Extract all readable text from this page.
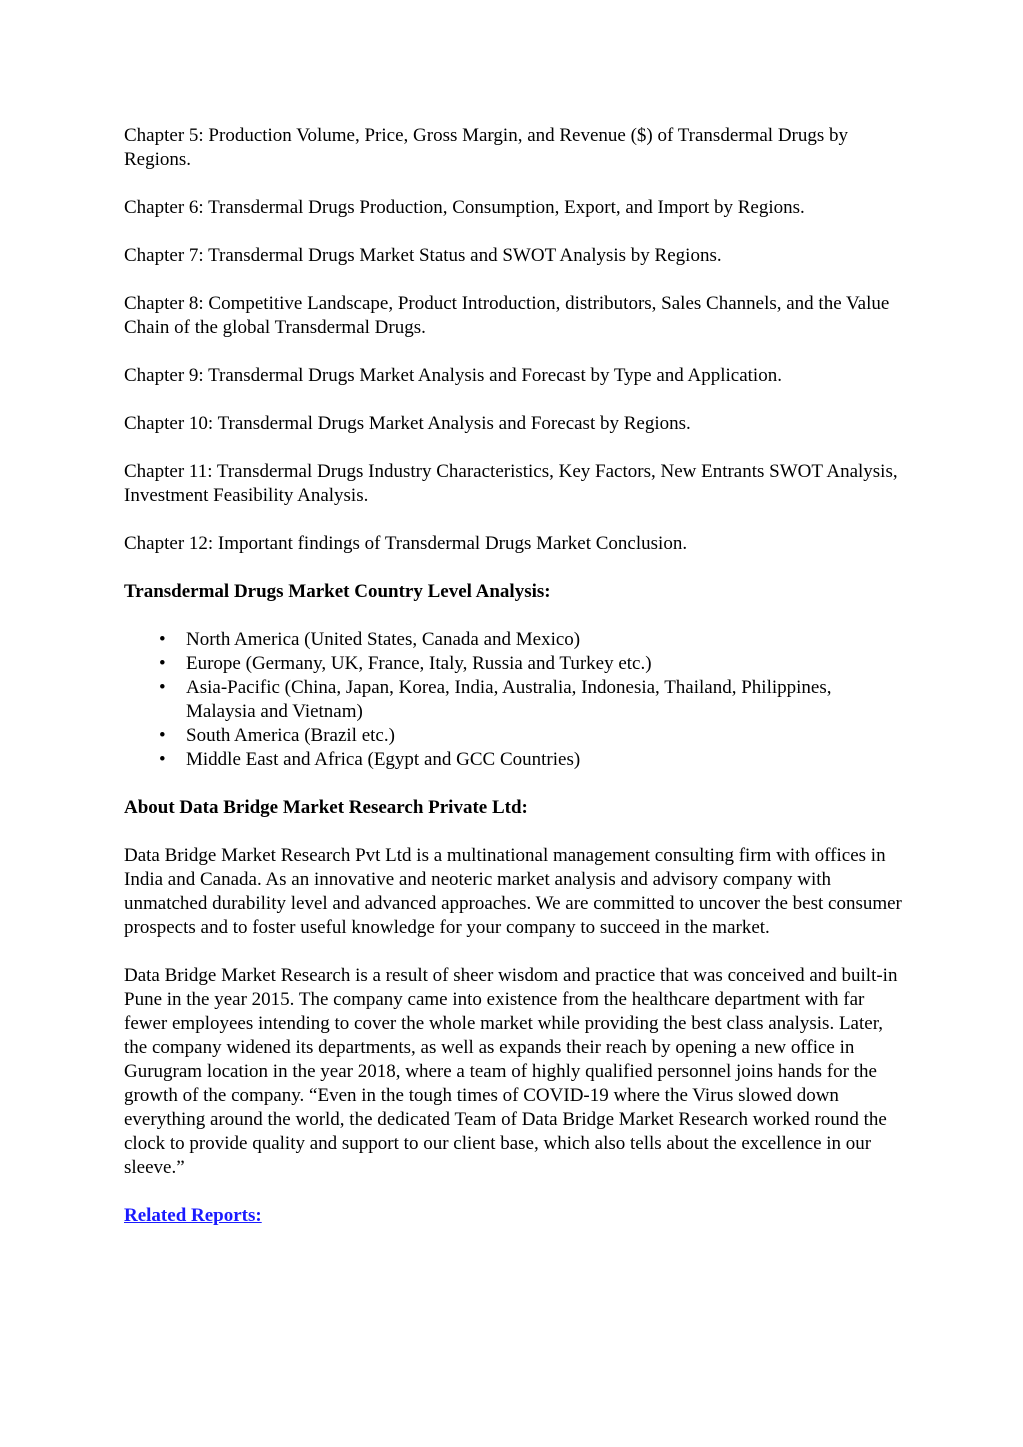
Chapter 5: Production Volume, Price, Gross Margin, and Revenue ($) of Transdermal Drugs by Regions.

Chapter 6: Transdermal Drugs Production, Consumption, Export, and Import by Regions.

Chapter 7: Transdermal Drugs Market Status and SWOT Analysis by Regions.

Chapter 8: Competitive Landscape, Product Introduction, distributors, Sales Channels, and the Value Chain of the global Transdermal Drugs.

Chapter 9: Transdermal Drugs Market Analysis and Forecast by Type and Application.

Chapter 10: Transdermal Drugs Market Analysis and Forecast by Regions.

Chapter 11: Transdermal Drugs Industry Characteristics, Key Factors, New Entrants SWOT Analysis, Investment Feasibility Analysis.

Chapter 12: Important findings of Transdermal Drugs Market Conclusion.

Transdermal Drugs Market Country Level Analysis:

• North America (United States, Canada and Mexico)
• Europe (Germany, UK, France, Italy, Russia and Turkey etc.)
• Asia-Pacific (China, Japan, Korea, India, Australia, Indonesia, Thailand, Philippines, Malaysia and Vietnam)
• South America (Brazil etc.)
• Middle East and Africa (Egypt and GCC Countries)

About Data Bridge Market Research Private Ltd:

Data Bridge Market Research Pvt Ltd is a multinational management consulting firm with offices in India and Canada. As an innovative and neoteric market analysis and advisory company with unmatched durability level and advanced approaches. We are committed to uncover the best consumer prospects and to foster useful knowledge for your company to succeed in the market.

Data Bridge Market Research is a result of sheer wisdom and practice that was conceived and built-in Pune in the year 2015. The company came into existence from the healthcare department with far fewer employees intending to cover the whole market while providing the best class analysis. Later, the company widened its departments, as well as expands their reach by opening a new office in Gurugram location in the year 2018, where a team of highly qualified personnel joins hands for the growth of the company. “Even in the tough times of COVID-19 where the Virus slowed down everything around the world, the dedicated Team of Data Bridge Market Research worked round the clock to provide quality and support to our client base, which also tells about the excellence in our sleeve.”

Related Reports:
